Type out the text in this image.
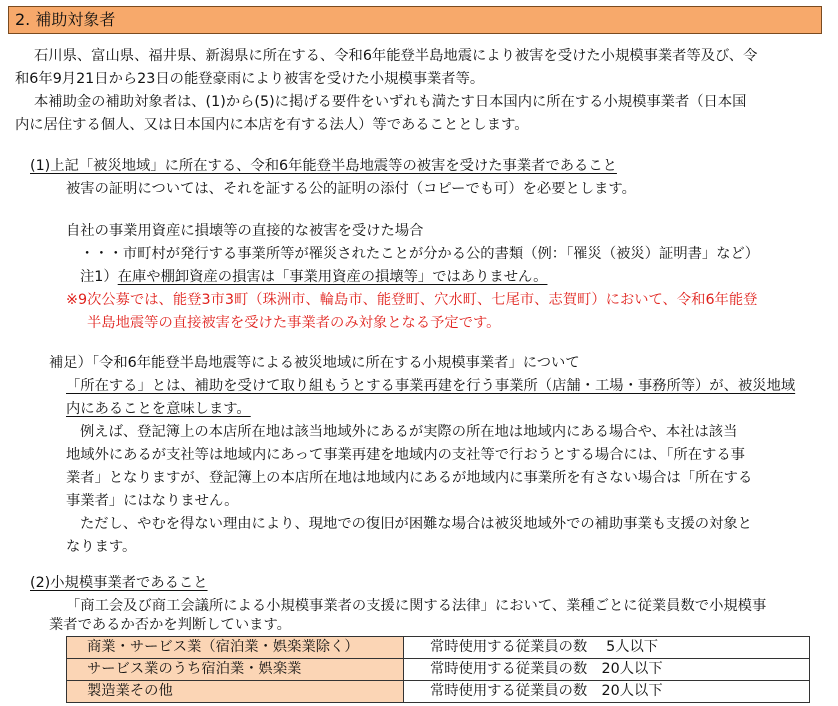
2. 補助対象者
石川県、富山県、福井県、新潟県に所在する、令和6年能登半島地震により被害を受けた小規模事業者等及び、令
和6年9月21日から23日の能登豪雨により被害を受けた小規模事業者等。
本補助金の補助対象者は、(1)から(5)に掲げる要件をいずれも満たす日本国内に所在する小規模事業者（日本国
内に居住する個人、又は日本国内に本店を有する法人）等であることとします。
(1)上記「被災地域」に所在する、令和6年能登半島地震等の被害を受けた事業者であること
被害の証明については、それを証する公的証明の添付（コピーでも可）を必要とします。
自社の事業用資産に損壊等の直接的な被害を受けた場合
・・・市町村が発行する事業所等が罹災されたことが分かる公的書類（例：「罹災（被災）証明書」など）
注1）在庫や棚卸資産の損害は「事業用資産の損壊等」ではありません。
※9次公募では、能登3市3町（珠洲市、輪島市、能登町、穴水町、七尾市、志賀町）において、令和6年能登
半島地震等の直接被害を受けた事業者のみ対象となる予定です。
補足）「令和6年能登半島地震等による被災地域に所在する小規模事業者」について
「所在する」とは、補助を受けて取り組もうとする事業再建を行う事業所（店舗・工場・事務所等）が、被災地域
内にあることを意味します。
例えば、登記簿上の本店所在地は該当地域外にあるが実際の所在地は地域内にある場合や、本社は該当
地域外にあるが支社等は地域内にあって事業再建を地域内の支社等で行おうとする場合には、「所在する事
業者」となりますが、登記簿上の本店所在地は地域内にあるが地域内に事業所を有さない場合は「所在する
事業者」にはなりません。
ただし、やむを得ない理由により、現地での復旧が困難な場合は被災地域外での補助事業も支援の対象と
なります。
(2)小規模事業者であること
「商工会及び商工会議所による小規模事業者の支援に関する法律」において、業種ごとに従業員数で小規模事
業者であるか否かを判断しています。
商業・サービス業（宿泊業・娯楽業除く）	常時使用する従業員の数　 5人以下
サービス業のうち宿泊業・娯楽業	常時使用する従業員の数　20人以下
製造業その他	常時使用する従業員の数　20人以下
